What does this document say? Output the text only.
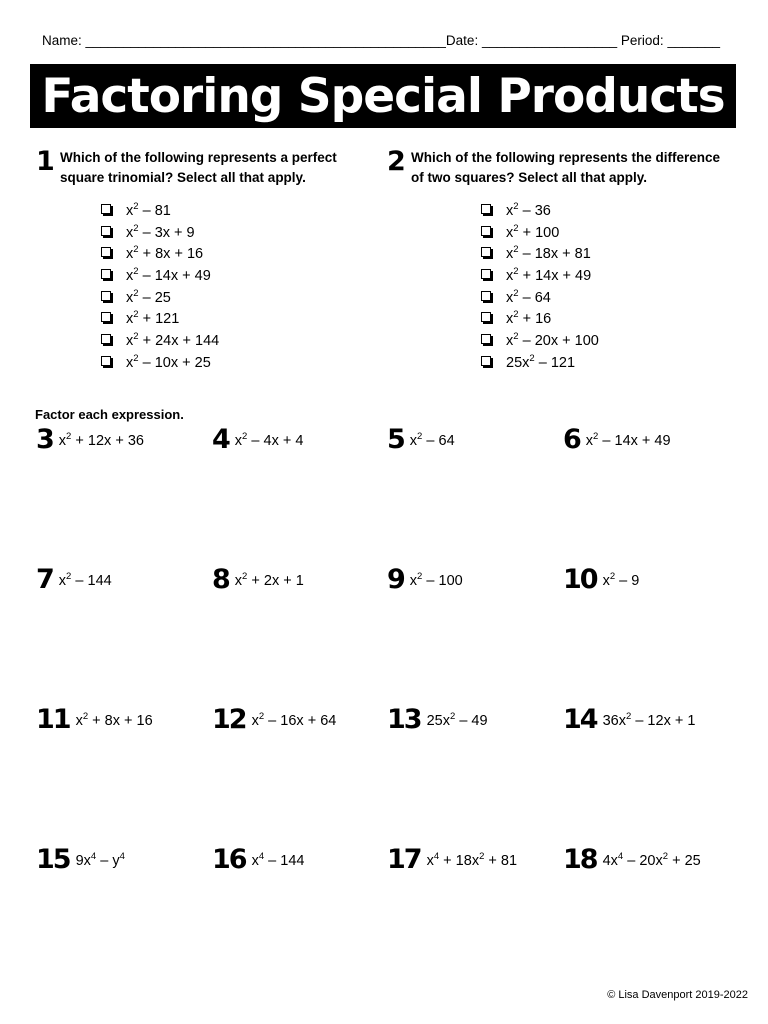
Name: ________________________________________________Date: __________________ Period: _______
Factoring Special Products
1 Which of the following represents a perfect
square trinomial? Select all that apply.
$x^2 - 81$
$x^2 - 3x + 9$
$x^2 + 8x + 16$
$x^2 - 14x + 49$
$x^2 - 25$
$x^2 + 121$
$x^2 + 24x + 144$
$x^2 - 10x + 25$
2 Which of the following represents the difference
of two squares? Select all that apply.
$x^2 - 36$
$x^2 + 100$
$x^2 - 18x + 81$
$x^2 + 14x + 49$
$x^2 - 64$
$x^2 + 16$
$x^2 - 20x + 100$
$25x^2 - 121$
Factor each expression.
3 $x^2 + 12x + 36$	4 $x^2 - 4x + 4$	5 $x^2 - 64$	6 $x^2 - 14x + 49$
7 $x^2 - 144$	8 $x^2 + 2x + 1$	9 $x^2 - 100$	10 $x^2 - 9$
11 $x^2 + 8x + 16$ 12 $x^2 - 16x + 64$ 13 $25x^2 - 49$	14 $36x^2 - 12x + 1$
15 $9x^4 - y^4$	16 $x^4 - 144$	17 $x^4 + 18x^2 + 81$ 18 $4x^4 - 20x^2 + 25$
© Lisa Davenport 2019-2022
